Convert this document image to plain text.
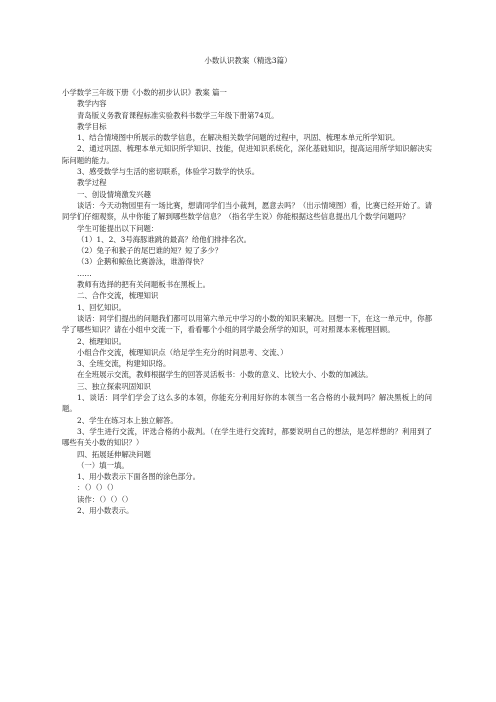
小数认识教案（精选3篇）

小学数学三年级下册《小数的初步认识》教案 篇一

教学内容

青岛版义务教育课程标准实验教科书数学三年级下册第74页。

教学目标

1、结合情境图中所展示的数学信息，在解决相关数学问题的过程中，巩固、梳理本单元所学知识。

2、通过巩固、梳理本单元知识所学知识、技能，促进知识系统化，深化基础知识，提高运用所学知识解决实际问题的能力。

3、感受数学与生活的密切联系，体验学习数学的快乐。

教学过程

一、创设情境激发兴趣

谈话：今天动物园里有一场比赛，想请同学们当小裁判，愿意去吗？（出示情境图）看，比赛已经开始了。请同学们仔细观察，从中你能了解到哪些数学信息？（指名学生说）你能根据这些信息提出几个数学问题吗？

学生可能提出以下问题：

（1）1、2、3号海豚谁跳的最高？给他们排排名次。

（2）兔子和猴子的尾巴谁的短？短了多少？

（3）企鹅和鲸鱼比赛游泳，谁游得快？

……

教师有选择的把有关问题板书在黑板上。

二、合作交流，梳理知识

1、回忆知识。

谈话：同学们提出的问题我们都可以用第六单元中学习的小数的知识来解决。回想一下，在这一单元中，你都学了哪些知识？请在小组中交流一下，看看哪个小组的同学最会所学的知识，可对照课本来梳理回顾。

2、梳理知识。

小组合作交流，梳理知识点（给足学生充分的时间思考、交流、）

3、全班交流，构建知识络。

在全班展示交流，教师根据学生的回答灵活板书：小数的意义、比较大小、小数的加减法。

三、独立探索巩固知识

1、谈话：同学们学会了这么多的本领，你能充分利用好你的本领当一名合格的小裁判吗？解决黑板上的问题。

2、学生在练习本上独立解答。

3、学生进行交流，评选合格的小裁判。（在学生进行交流时，都要说明自己的想法，是怎样想的？利用到了哪些有关小数的知识？）

四、拓展延伸解决问题

（一）填一填。

1、用小数表示下面各图的涂色部分。

：（）（）（）

读作：（）（）（）

2、用小数表示。
